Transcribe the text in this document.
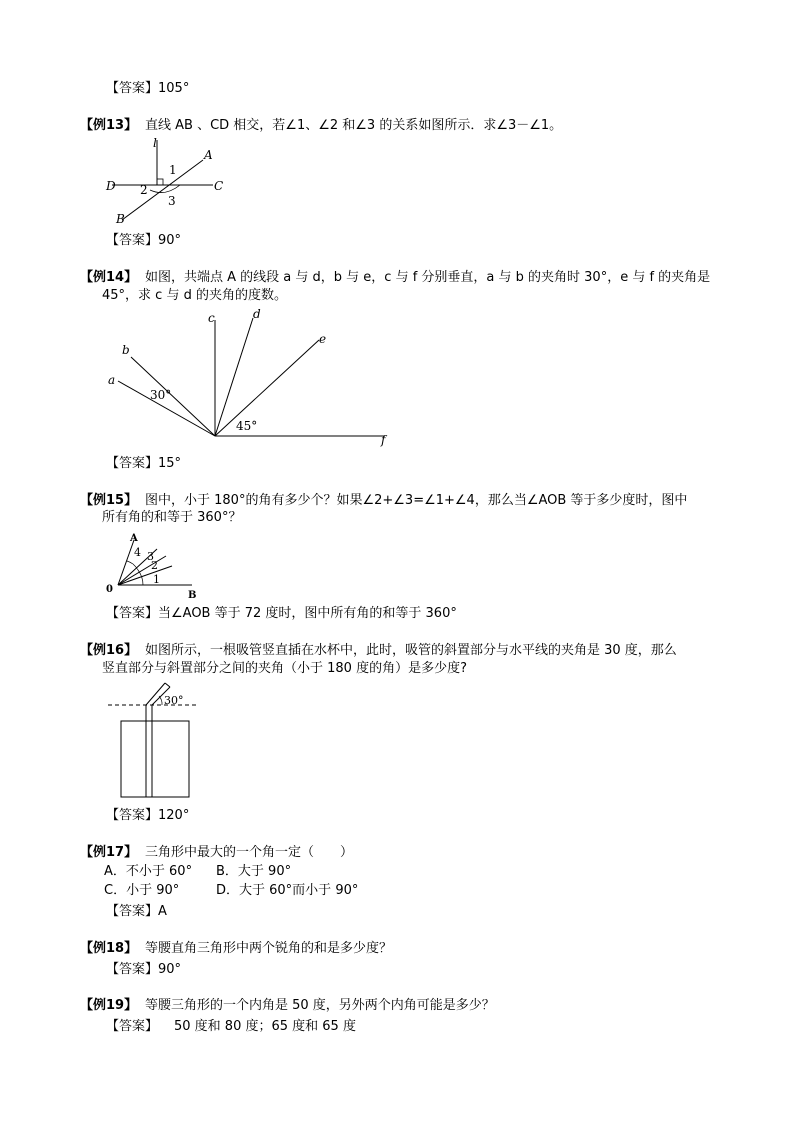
【答案】105°
【例13】 直线 AB 、CD 相交，若∠1、∠2 和∠3 的关系如图所示．求∠3－∠1。
l
A
C
D
B
1
2
3
【答案】90°
【例14】 如图，共端点 A 的线段 a 与 d，b 与 e，c 与 f 分别垂直，a 与 b 的夹角时 30°，e 与 f 的夹角是
45°，求 c 与 d 的夹角的度数。
a
b
c	d
e
f
30°
45°
【答案】15°
【例15】 图中，小于 180°的角有多少个？如果∠2+∠3=∠1+∠4，那么当∠AOB 等于多少度时，图中
所有角的和等于 360°？
A
0
B
1
2
3
4
【答案】当∠AOB 等于 72 度时，图中所有角的和等于 360°
【例16】 如图所示，一根吸管竖直插在水杯中，此时，吸管的斜置部分与水平线的夹角是 30 度，那么
竖直部分与斜置部分之间的夹角（小于 180 度的角）是多少度?
30°
【答案】120°
【例17】 三角形中最大的一个角一定（　　）
A．不小于 60° B．大于 90°
C．小于 90°	D．大于 60°而小于 90°
【答案】A
【例18】 等腰直角三角形中两个锐角的和是多少度？
【答案】90°
【例19】 等腰三角形的一个内角是 50 度，另外两个内角可能是多少？
【答案】 50 度和 80 度；65 度和 65 度
